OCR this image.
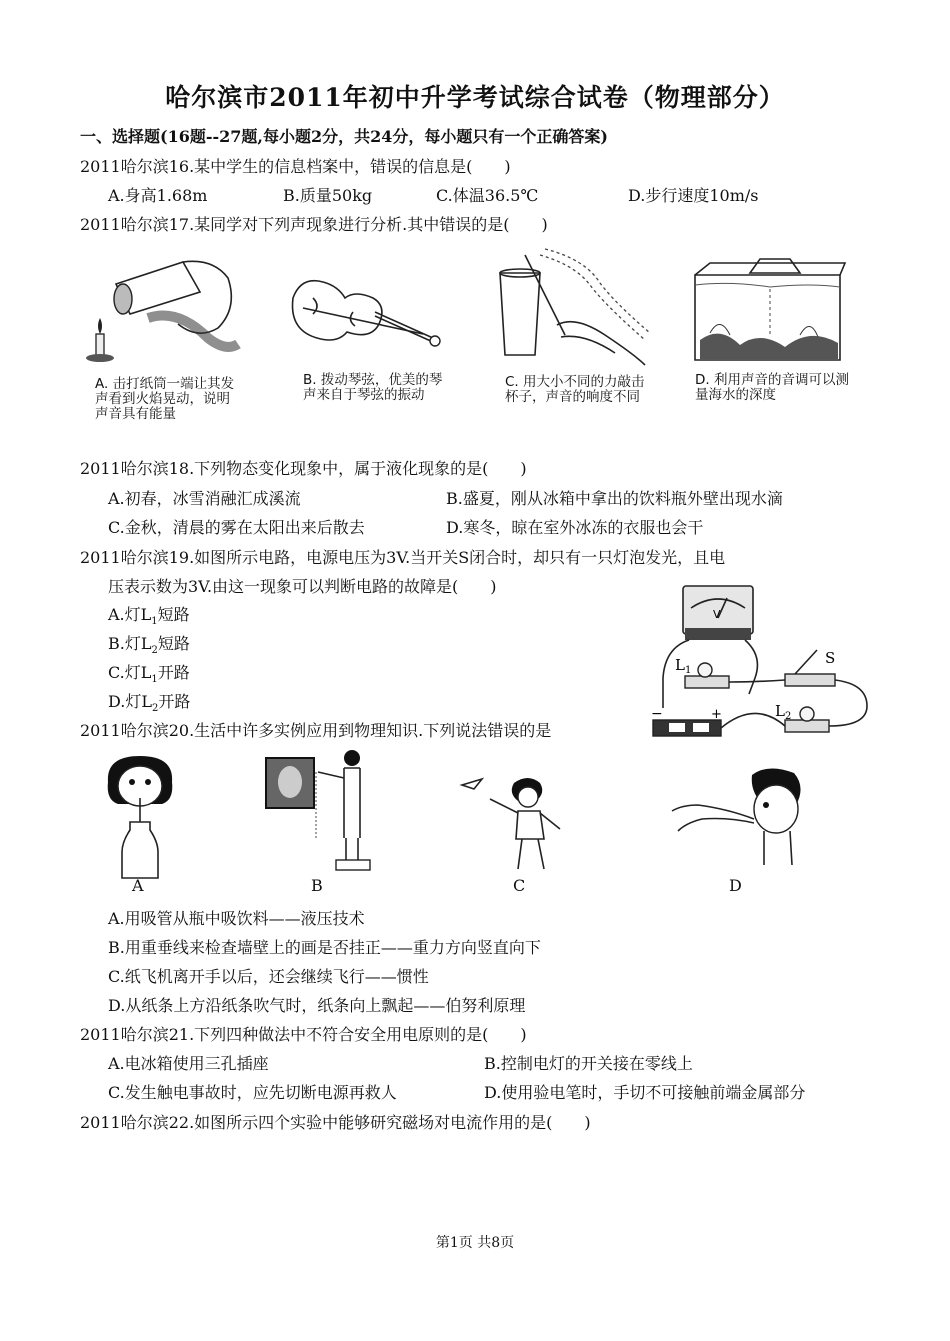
哈尔滨市2011年初中升学考试综合试卷（物理部分）
一、选择题(16题--27题,每小题2分，共24分，每小题只有一个正确答案)
2011哈尔滨16.某中学生的信息档案中，错误的信息是(　　)
A.身高1.68m	B.质量50kg	C.体温36.5℃	D.步行速度10m/s
2011哈尔滨17.某同学对下列声现象进行分析.其中错误的是(　　)
A. 击打纸筒一端让其发声看到火焰晃动，说明声音具有能量
B. 拨动琴弦，优美的琴声来自于琴弦的振动
C. 用大小不同的力敲击杯子，声音的响度不同
D. 利用声音的音调可以测量海水的深度
2011哈尔滨18.下列物态变化现象中，属于液化现象的是(　　)
A.初春，冰雪消融汇成溪流	B.盛夏，刚从冰箱中拿出的饮料瓶外壁出现水滴
C.金秋，清晨的雾在太阳出来后散去	D.寒冬，晾在室外冰冻的衣服也会干
2011哈尔滨19.如图所示电路，电源电压为3V.当开关S闭合时，却只有一只灯泡发光，且电
压表示数为3V.由这一现象可以判断电路的故障是(　　)
A.灯$L_1$短路
B.灯$L_2$短路
C.灯$L_1$开路
D.灯$L_2$开路
V
$L_1$
S
$L_2$
−	+
2011哈尔滨20.生活中许多实例应用到物理知识.下列说法错误的是
A	B	C	D
A.用吸管从瓶中吸饮料——液压技术
B.用重垂线来检查墙壁上的画是否挂正——重力方向竖直向下
C.纸飞机离开手以后，还会继续飞行——惯性
D.从纸条上方沿纸条吹气时，纸条向上飘起——伯努利原理
2011哈尔滨21.下列四种做法中不符合安全用电原则的是(　　)
A.电冰箱使用三孔插座	B.控制电灯的开关接在零线上
C.发生触电事故时，应先切断电源再救人	D.使用验电笔时，手切不可接触前端金属部分
2011哈尔滨22.如图所示四个实验中能够研究磁场对电流作用的是(　　)
第1页 共8页
